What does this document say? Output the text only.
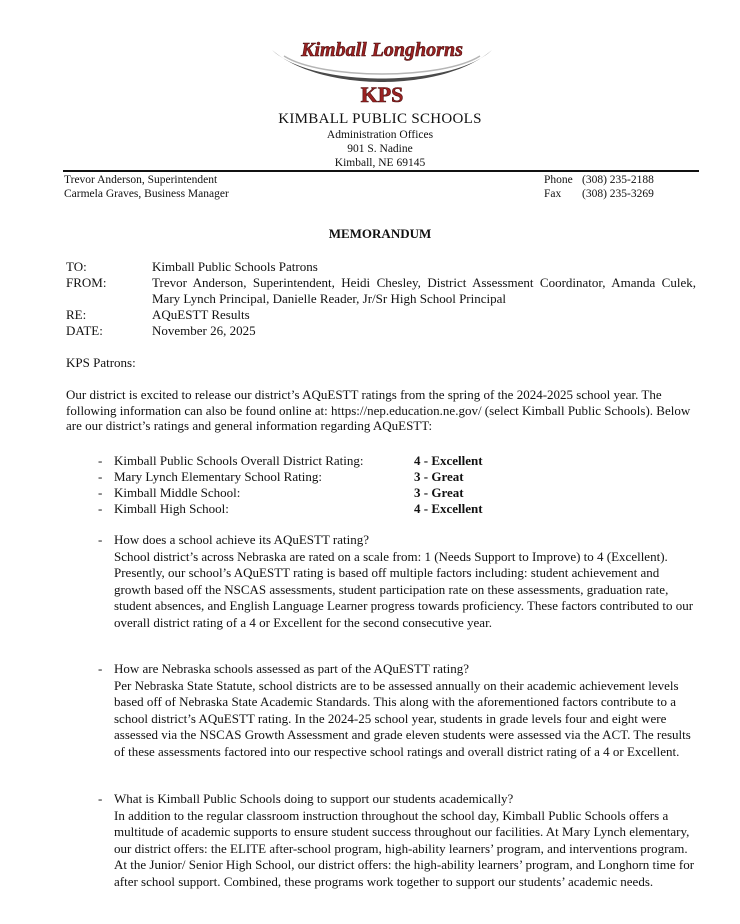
Kimball Longhorns
KPS
KIMBALL PUBLIC SCHOOLS
Administration Offices
901 S. Nadine
Kimball, NE 69145
Trevor Anderson, Superintendent
Carmela Graves, Business Manager
Phone (308) 235-2188
Fax (308) 235-3269
MEMORANDUM
TO:	Kimball Public Schools Patrons
FROM:	Trevor Anderson, Superintendent, Heidi Chesley, District Assessment Coordinator, Amanda Culek, Mary Lynch Principal, Danielle Reader, Jr/Sr High School Principal
RE:	AQuESTT Results
DATE:	November 26, 2025
KPS Patrons:
Our district is excited to release our district’s AQuESTT ratings from the spring of the 2024-2025 school year. The following information can also be found online at: https://nep.education.ne.gov/ (select Kimball Public Schools). Below are our district’s ratings and general information regarding AQuESTT:
- Kimball Public Schools Overall District Rating:	4 - Excellent
- Mary Lynch Elementary School Rating:	3 - Great
- Kimball Middle School:	3 - Great
- Kimball High School:	4 - Excellent
- How does a school achieve its AQuESTT rating?
School district’s across Nebraska are rated on a scale from: 1 (Needs Support to Improve) to 4 (Excellent). Presently, our school’s AQuESTT rating is based off multiple factors including: student achievement and growth based off the NSCAS assessments, student participation rate on these assessments, graduation rate, student absences, and English Language Learner progress towards proficiency. These factors contributed to our overall district rating of a 4 or Excellent for the second consecutive year.
- How are Nebraska schools assessed as part of the AQuESTT rating?
Per Nebraska State Statute, school districts are to be assessed annually on their academic achievement levels based off of Nebraska State Academic Standards. This along with the aforementioned factors contribute to a school district’s AQuESTT rating. In the 2024-25 school year, students in grade levels four and eight were assessed via the NSCAS Growth Assessment and grade eleven students were assessed via the ACT. The results of these assessments factored into our respective school ratings and overall district rating of a 4 or Excellent.
- What is Kimball Public Schools doing to support our students academically?
In addition to the regular classroom instruction throughout the school day, Kimball Public Schools offers a multitude of academic supports to ensure student success throughout our facilities. At Mary Lynch elementary, our district offers: the ELITE after-school program, high-ability learners’ program, and interventions program. At the Junior/ Senior High School, our district offers: the high-ability learners’ program, and Longhorn time for after school support. Combined, these programs work together to support our students’ academic needs.
